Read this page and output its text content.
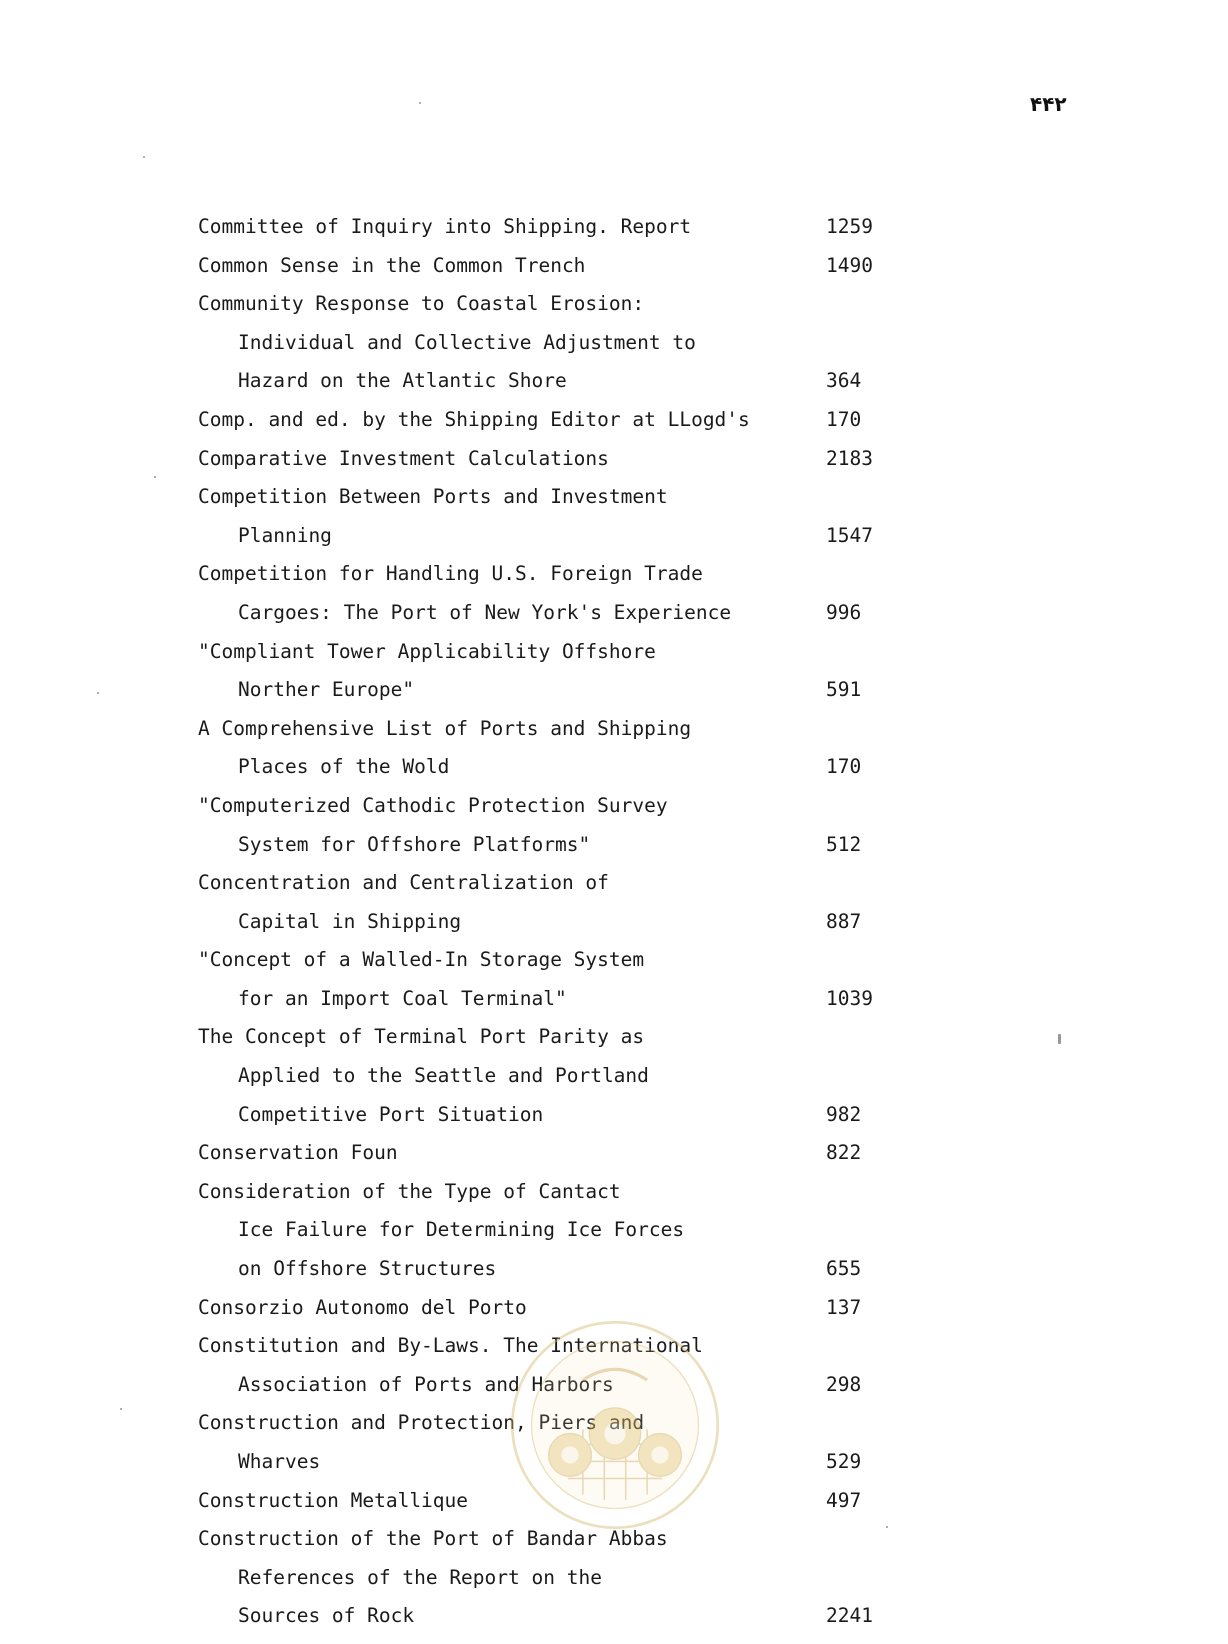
۴۴۲
Committee of Inquiry into Shipping. Report	1259
Common Sense in the Common Trench	1490
Community Response to Coastal Erosion:
Individual and Collective Adjustment to
Hazard on the Atlantic Shore	364
Comp. and ed. by the Shipping Editor at LLogd's	170
Comparative Investment Calculations	2183
Competition Between Ports and Investment
Planning	1547
Competition for Handling U.S. Foreign Trade
Cargoes: The Port of New York's Experience	996
"Compliant Tower Applicability Offshore
Norther Europe"	591
A Comprehensive List of Ports and Shipping
Places of the Wold	170
"Computerized Cathodic Protection Survey
System for Offshore Platforms"	512
Concentration and Centralization of
Capital in Shipping	887
"Concept of a Walled-In Storage System
for an Import Coal Terminal"	1039
The Concept of Terminal Port Parity as
Applied to the Seattle and Portland
Competitive Port Situation	982
Conservation Foun	822
Consideration of the Type of Cantact
Ice Failure for Determining Ice Forces
on Offshore Structures	655
Consorzio Autonomo del Porto	137
Constitution and By-Laws. The International
Association of Ports and Harbors	298
Construction and Protection, Piers and
Wharves	529
Construction Metallique	497
Construction of the Port of Bandar Abbas
References of the Report on the
Sources of Rock	2241
